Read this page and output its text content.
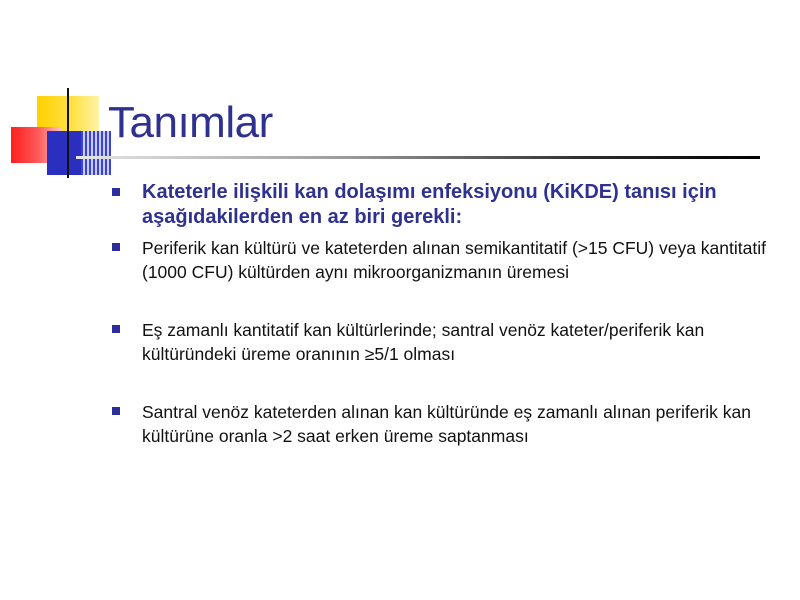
Tanımlar
Kateterle ilişkili kan dolaşımı enfeksiyonu (KiKDE) tanısı için aşağıdakilerden en az biri gerekli:
Periferik kan kültürü ve kateterden alınan semikantitatif (>15 CFU) veya kantitatif (1000 CFU) kültürden aynı mikroorganizmanın üremesi
Eş zamanlı kantitatif kan kültürlerinde; santral venöz kateter/periferik kan kültüründeki üreme oranının ≥5/1 olması
Santral venöz kateterden alınan kan kültüründe eş zamanlı alınan periferik kan kültürüne oranla >2 saat erken üreme saptanması
